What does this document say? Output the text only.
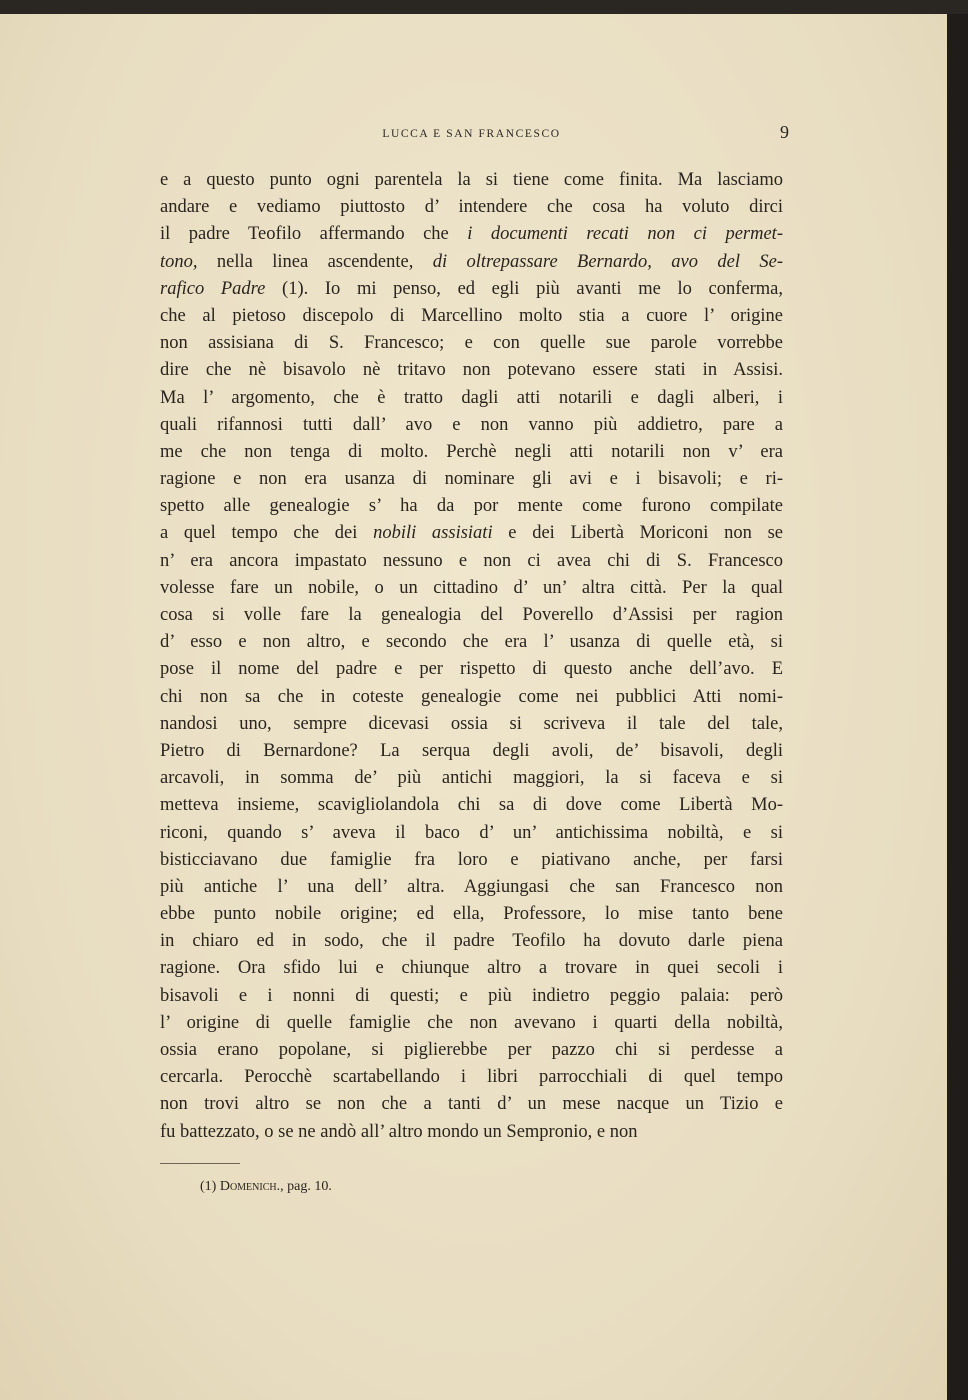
LUCCA E SAN FRANCESCO	9
e a questo punto ogni parentela la si tiene come finita. Ma lasciamo
andare e vediamo piuttosto d’ intendere che cosa ha voluto dirci
il padre Teofilo affermando che i documenti recati non ci permet-
tono, nella linea ascendente, di oltrepassare Bernardo, avo del Se-
rafico Padre (1). Io mi penso, ed egli più avanti me lo conferma,
che al pietoso discepolo di Marcellino molto stia a cuore l’ origine
non assisiana di S. Francesco; e con quelle sue parole vorrebbe
dire che nè bisavolo nè tritavo non potevano essere stati in Assisi.
Ma l’ argomento, che è tratto dagli atti notarili e dagli alberi, i
quali rifannosi tutti dall’ avo e non vanno più addietro, pare a
me che non tenga di molto. Perchè negli atti notarili non v’ era
ragione e non era usanza di nominare gli avi e i bisavoli; e ri-
spetto alle genealogie s’ ha da por mente come furono compilate
a quel tempo che dei nobili assisiati e dei Libertà Moriconi non se
n’ era ancora impastato nessuno e non ci avea chi di S. Francesco
volesse fare un nobile, o un cittadino d’ un’ altra città. Per la qual
cosa si volle fare la genealogia del Poverello d’Assisi per ragion
d’ esso e non altro, e secondo che era l’ usanza di quelle età, si
pose il nome del padre e per rispetto di questo anche dell’avo. E
chi non sa che in coteste genealogie come nei pubblici Atti nomi-
nandosi uno, sempre dicevasi ossia si scriveva il tale del tale,
Pietro di Bernardone? La serqua degli avoli, de’ bisavoli, degli
arcavoli, in somma de’ più antichi maggiori, la si faceva e si
metteva insieme, scavigliolandola chi sa di dove come Libertà Mo-
riconi, quando s’ aveva il baco d’ un’ antichissima nobiltà, e si
bisticciavano due famiglie fra loro e piativano anche, per farsi
più antiche l’ una dell’ altra. Aggiungasi che san Francesco non
ebbe punto nobile origine; ed ella, Professore, lo mise tanto bene
in chiaro ed in sodo, che il padre Teofilo ha dovuto darle piena
ragione. Ora sfido lui e chiunque altro a trovare in quei secoli i
bisavoli e i nonni di questi; e più indietro peggio palaia: però
l’ origine di quelle famiglie che non avevano i quarti della nobiltà,
ossia erano popolane, si piglierebbe per pazzo chi si perdesse a
cercarla. Perocchè scartabellando i libri parrocchiali di quel tempo
non trovi altro se non che a tanti d’ un mese nacque un Tizio e
fu battezzato, o se ne andò all’ altro mondo un Sempronio, e non
(1) Domenich., pag. 10.
